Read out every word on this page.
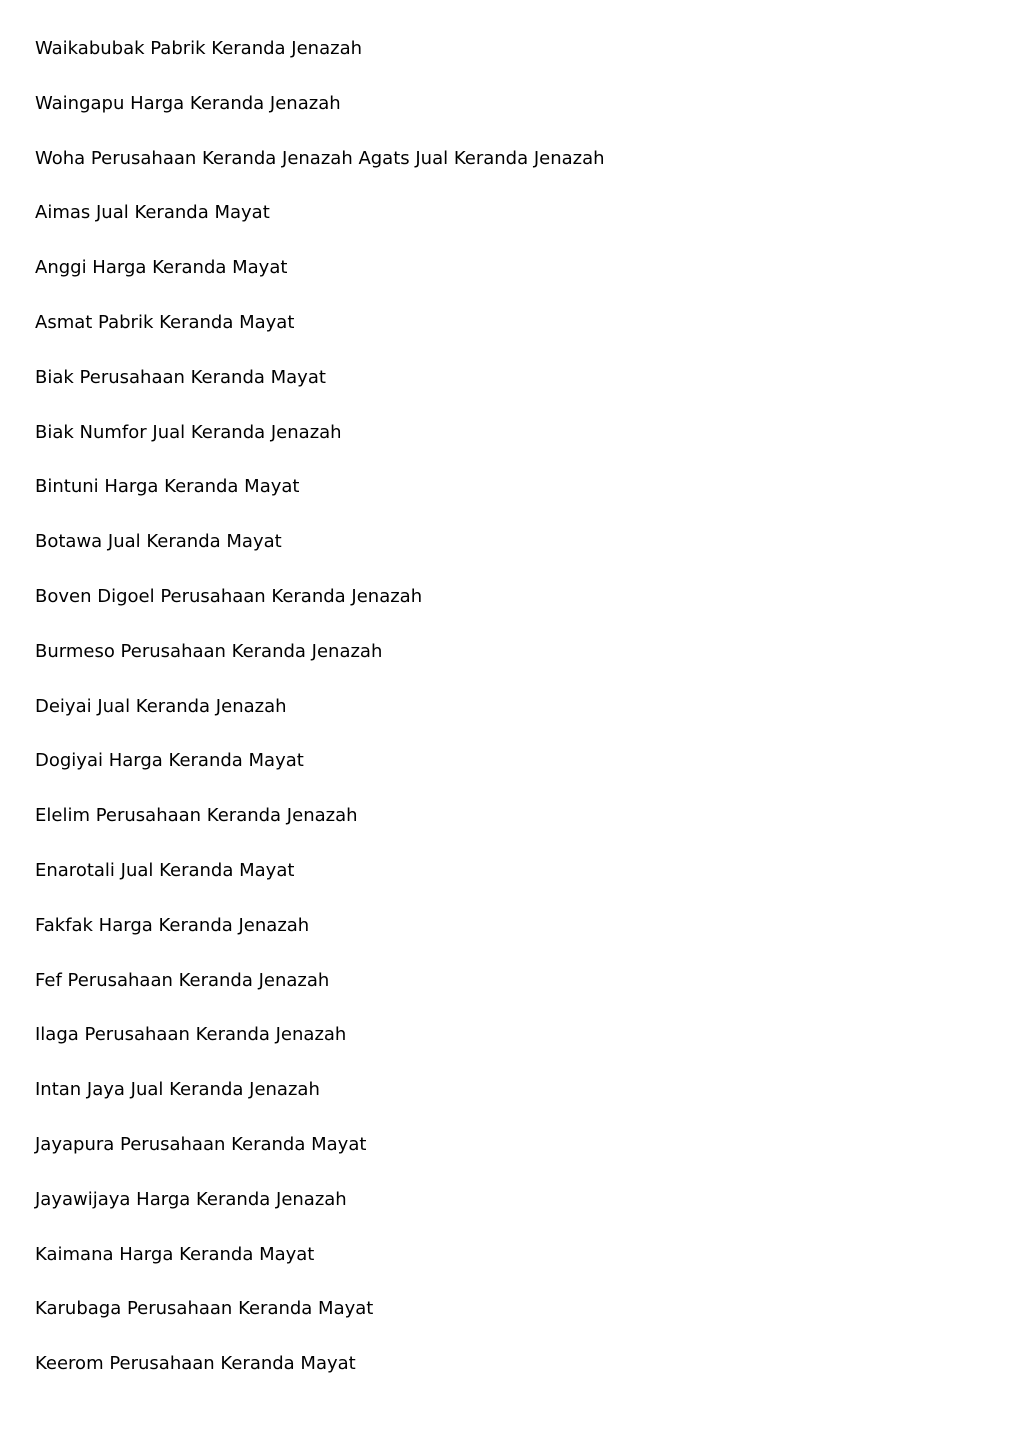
Waikabubak Pabrik Keranda Jenazah
Waingapu Harga Keranda Jenazah
Woha Perusahaan Keranda Jenazah Agats Jual Keranda Jenazah
Aimas Jual Keranda Mayat
Anggi Harga Keranda Mayat
Asmat Pabrik Keranda Mayat
Biak Perusahaan Keranda Mayat
Biak Numfor Jual Keranda Jenazah
Bintuni Harga Keranda Mayat
Botawa Jual Keranda Mayat
Boven Digoel Perusahaan Keranda Jenazah
Burmeso Perusahaan Keranda Jenazah
Deiyai Jual Keranda Jenazah
Dogiyai Harga Keranda Mayat
Elelim Perusahaan Keranda Jenazah
Enarotali Jual Keranda Mayat
Fakfak Harga Keranda Jenazah
Fef Perusahaan Keranda Jenazah
Ilaga Perusahaan Keranda Jenazah
Intan Jaya Jual Keranda Jenazah
Jayapura Perusahaan Keranda Mayat
Jayawijaya Harga Keranda Jenazah
Kaimana Harga Keranda Mayat
Karubaga Perusahaan Keranda Mayat
Keerom Perusahaan Keranda Mayat
